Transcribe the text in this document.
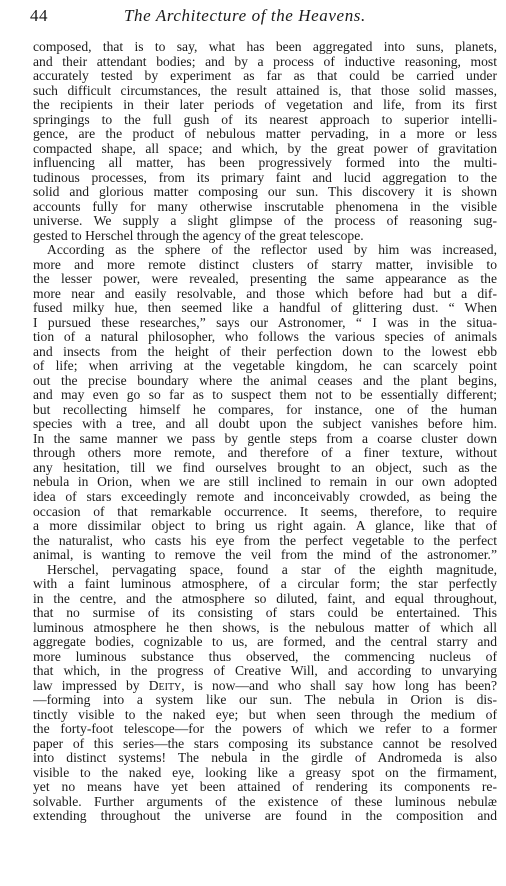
44	The Architecture of the Heavens.
composed, that is to say, what has been aggregated into suns, planets,
and their attendant bodies; and by a process of inductive reasoning, most
accurately tested by experiment as far as that could be carried under
such difficult circumstances, the result attained is, that those solid masses,
the recipients in their later periods of vegetation and life, from its first
springings to the full gush of its nearest approach to superior intelli-
gence, are the product of nebulous matter pervading, in a more or less
compacted shape, all space; and which, by the great power of gravitation
influencing all matter, has been progressively formed into the multi-
tudinous processes, from its primary faint and lucid aggregation to the
solid and glorious matter composing our sun. This discovery it is shown
accounts fully for many otherwise inscrutable phenomena in the visible
universe. We supply a slight glimpse of the process of reasoning sug-
gested to Herschel through the agency of the great telescope.
According as the sphere of the reflector used by him was increased,
more and more remote distinct clusters of starry matter, invisible to
the lesser power, were revealed, presenting the same appearance as the
more near and easily resolvable, and those which before had but a dif-
fused milky hue, then seemed like a handful of glittering dust. “ When
I pursued these researches,” says our Astronomer, “ I was in the situa-
tion of a natural philosopher, who follows the various species of animals
and insects from the height of their perfection down to the lowest ebb
of life; when arriving at the vegetable kingdom, he can scarcely point
out the precise boundary where the animal ceases and the plant begins,
and may even go so far as to suspect them not to be essentially different;
but recollecting himself he compares, for instance, one of the human
species with a tree, and all doubt upon the subject vanishes before him.
In the same manner we pass by gentle steps from a coarse cluster down
through others more remote, and therefore of a finer texture, without
any hesitation, till we find ourselves brought to an object, such as the
nebula in Orion, when we are still inclined to remain in our own adopted
idea of stars exceedingly remote and inconceivably crowded, as being the
occasion of that remarkable occurrence. It seems, therefore, to require
a more dissimilar object to bring us right again. A glance, like that of
the naturalist, who casts his eye from the perfect vegetable to the perfect
animal, is wanting to remove the veil from the mind of the astronomer.”
Herschel, pervagating space, found a star of the eighth magnitude,
with a faint luminous atmosphere, of a circular form; the star perfectly
in the centre, and the atmosphere so diluted, faint, and equal throughout,
that no surmise of its consisting of stars could be entertained. This
luminous atmosphere he then shows, is the nebulous matter of which all
aggregate bodies, cognizable to us, are formed, and the central starry and
more luminous substance thus observed, the commencing nucleus of
that which, in the progress of Creative Will, and according to unvarying
law impressed by Deity, is now—and who shall say how long has been?
—forming into a system like our sun. The nebula in Orion is dis-
tinctly visible to the naked eye; but when seen through the medium of
the forty-foot telescope—for the powers of which we refer to a former
paper of this series—the stars composing its substance cannot be resolved
into distinct systems! The nebula in the girdle of Andromeda is also
visible to the naked eye, looking like a greasy spot on the firmament,
yet no means have yet been attained of rendering its components re-
solvable. Further arguments of the existence of these luminous nebulæ
extending throughout the universe are found in the composition and
